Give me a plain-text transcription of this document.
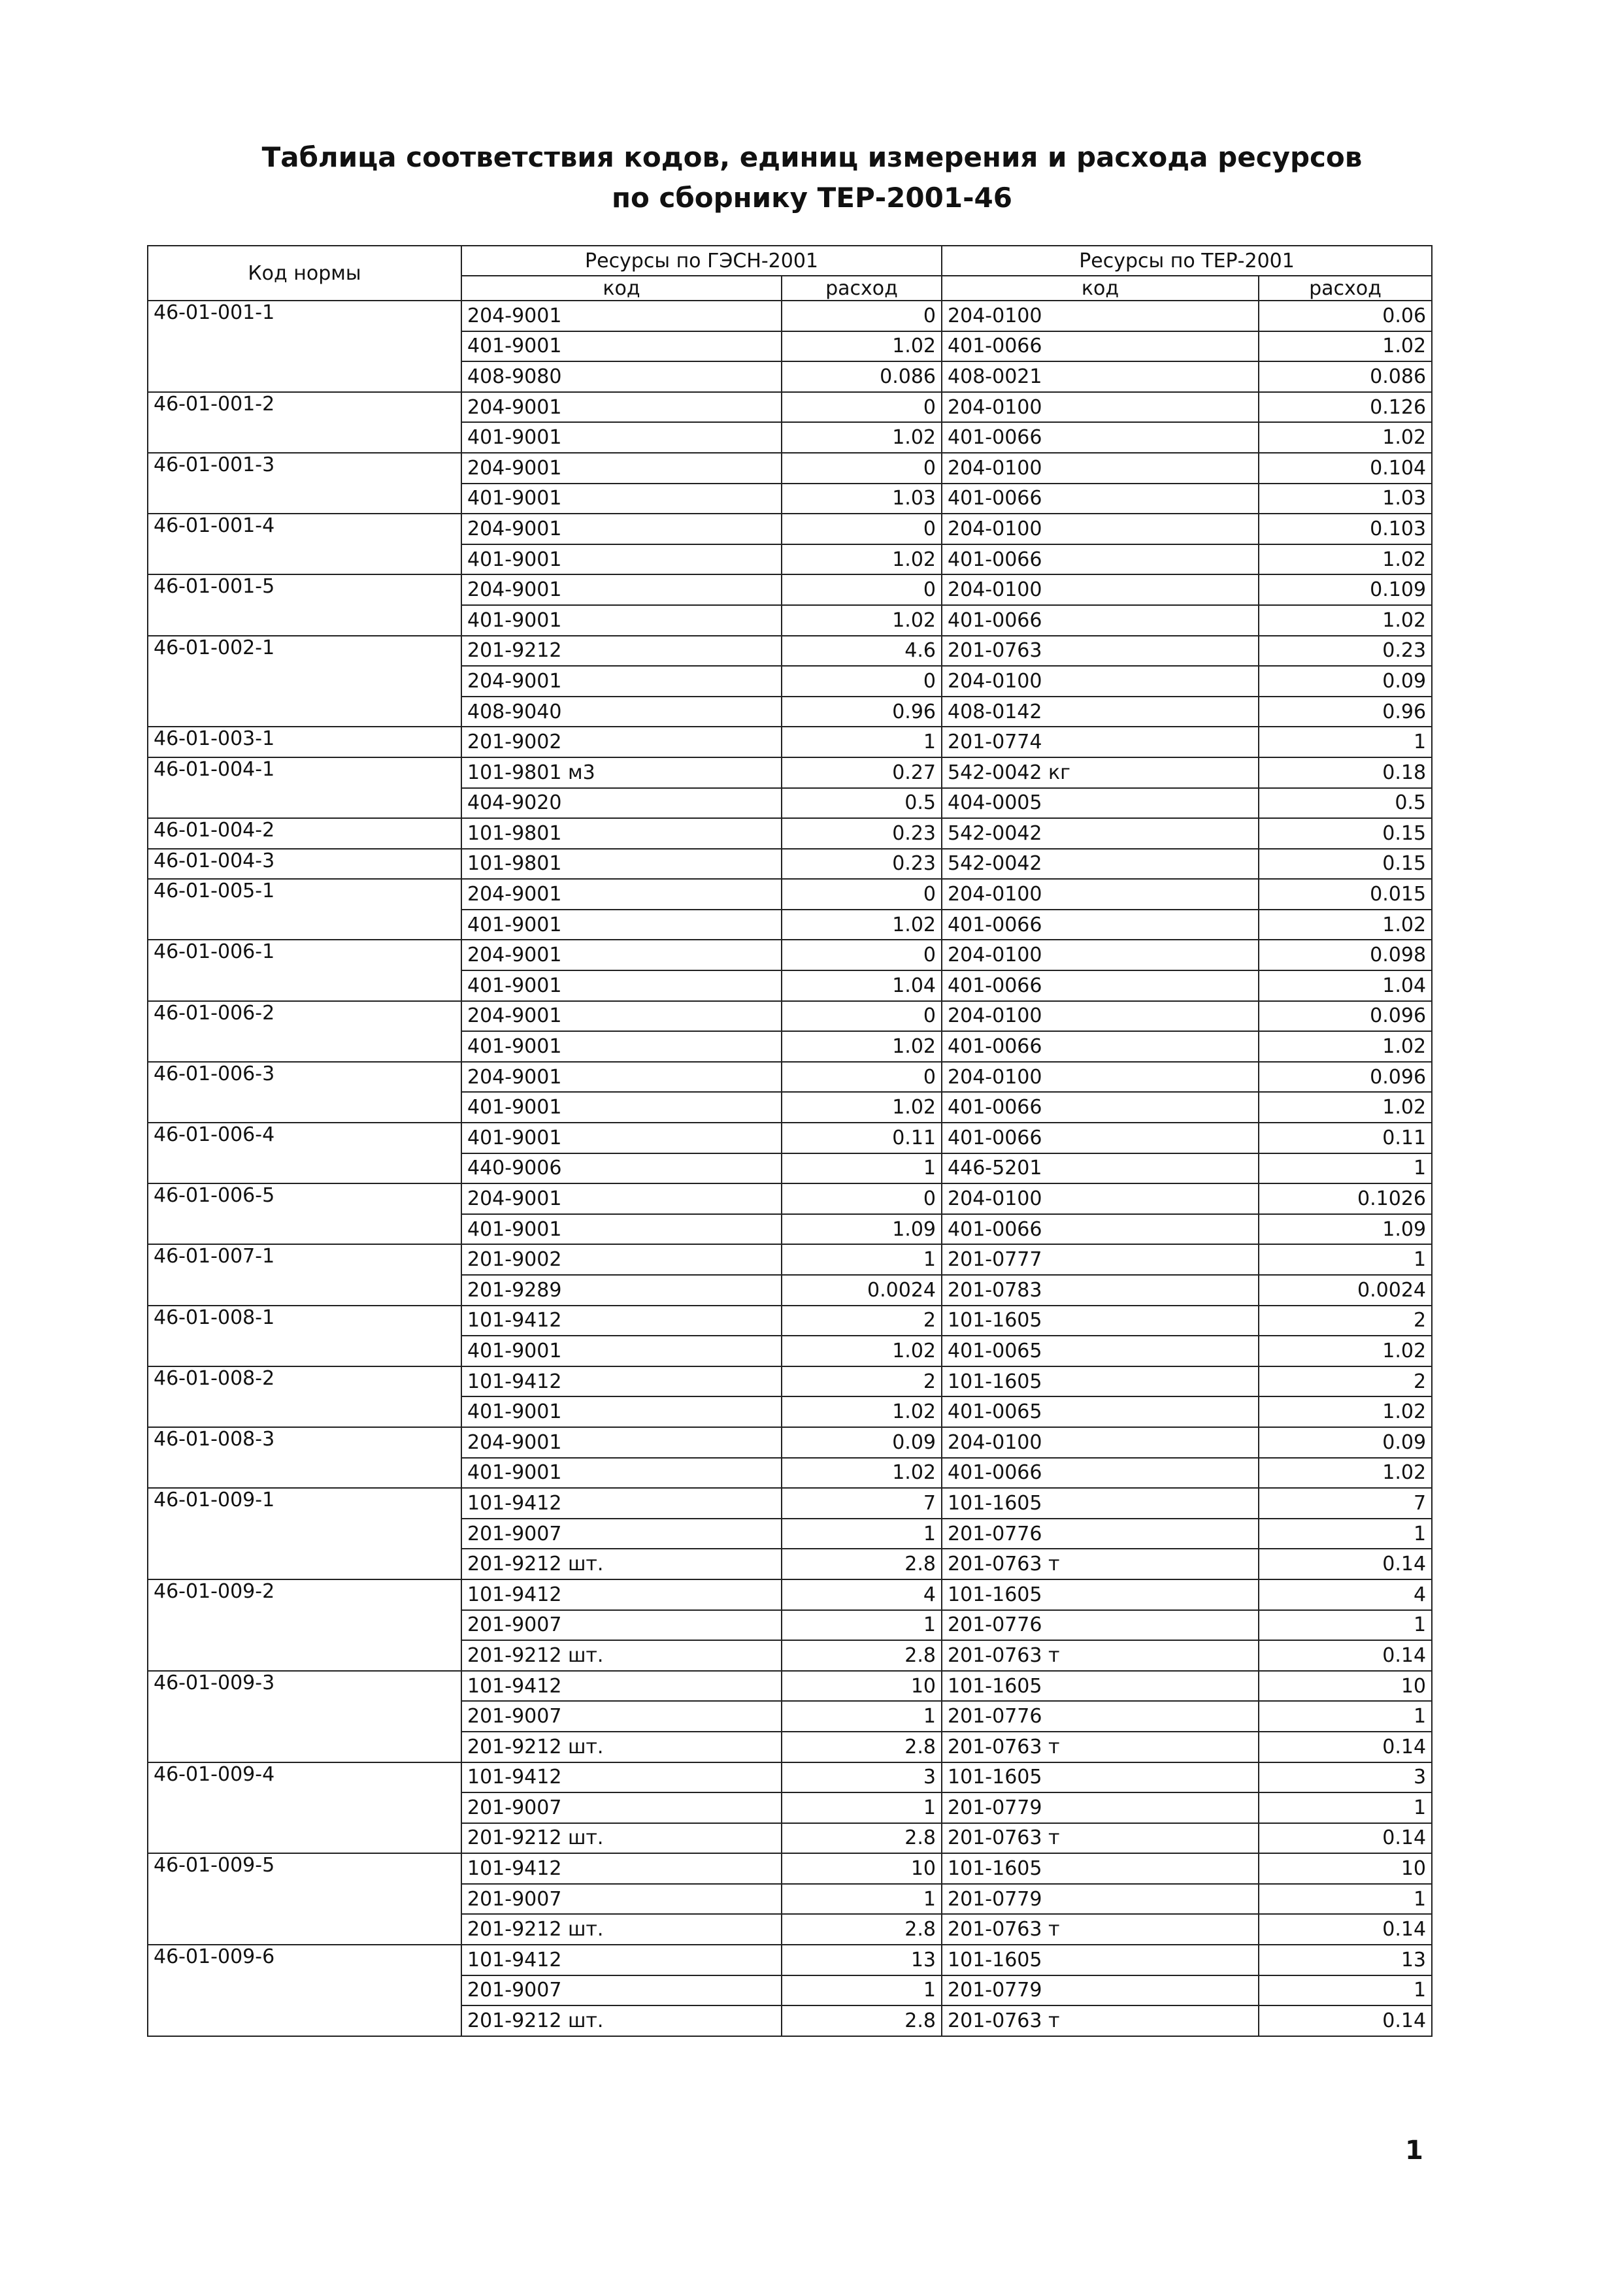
Таблица соответствия кодов, единиц измерения и расхода ресурсов
по сборнику ТЕР-2001-46
Код нормы	Ресурсы по ГЭСН-2001		Ресурсы по ТЕР-2001	
	код	расход	код	расход
46-01-001-1	204-9001	0	204-0100	0.06
	401-9001	1.02	401-0066	1.02
	408-9080	0.086	408-0021	0.086
46-01-001-2	204-9001	0	204-0100	0.126
	401-9001	1.02	401-0066	1.02
46-01-001-3	204-9001	0	204-0100	0.104
	401-9001	1.03	401-0066	1.03
46-01-001-4	204-9001	0	204-0100	0.103
	401-9001	1.02	401-0066	1.02
46-01-001-5	204-9001	0	204-0100	0.109
	401-9001	1.02	401-0066	1.02
46-01-002-1	201-9212	4.6	201-0763	0.23
	204-9001	0	204-0100	0.09
	408-9040	0.96	408-0142	0.96
46-01-003-1	201-9002	1	201-0774	1
46-01-004-1	101-9801 м3	0.27	542-0042 кг	0.18
	404-9020	0.5	404-0005	0.5
46-01-004-2	101-9801	0.23	542-0042	0.15
46-01-004-3	101-9801	0.23	542-0042	0.15
46-01-005-1	204-9001	0	204-0100	0.015
	401-9001	1.02	401-0066	1.02
46-01-006-1	204-9001	0	204-0100	0.098
	401-9001	1.04	401-0066	1.04
46-01-006-2	204-9001	0	204-0100	0.096
	401-9001	1.02	401-0066	1.02
46-01-006-3	204-9001	0	204-0100	0.096
	401-9001	1.02	401-0066	1.02
46-01-006-4	401-9001	0.11	401-0066	0.11
	440-9006	1	446-5201	1
46-01-006-5	204-9001	0	204-0100	0.1026
	401-9001	1.09	401-0066	1.09
46-01-007-1	201-9002	1	201-0777	1
	201-9289	0.0024	201-0783	0.0024
46-01-008-1	101-9412	2	101-1605	2
	401-9001	1.02	401-0065	1.02
46-01-008-2	101-9412	2	101-1605	2
	401-9001	1.02	401-0065	1.02
46-01-008-3	204-9001	0.09	204-0100	0.09
	401-9001	1.02	401-0066	1.02
46-01-009-1	101-9412	7	101-1605	7
	201-9007	1	201-0776	1
	201-9212 шт.	2.8	201-0763 т	0.14
46-01-009-2	101-9412	4	101-1605	4
	201-9007	1	201-0776	1
	201-9212 шт.	2.8	201-0763 т	0.14
46-01-009-3	101-9412	10	101-1605	10
	201-9007	1	201-0776	1
	201-9212 шт.	2.8	201-0763 т	0.14
46-01-009-4	101-9412	3	101-1605	3
	201-9007	1	201-0779	1
	201-9212 шт.	2.8	201-0763 т	0.14
46-01-009-5	101-9412	10	101-1605	10
	201-9007	1	201-0779	1
	201-9212 шт.	2.8	201-0763 т	0.14
46-01-009-6	101-9412	13	101-1605	13
	201-9007	1	201-0779	1
	201-9212 шт.	2.8	201-0763 т	0.14
1
